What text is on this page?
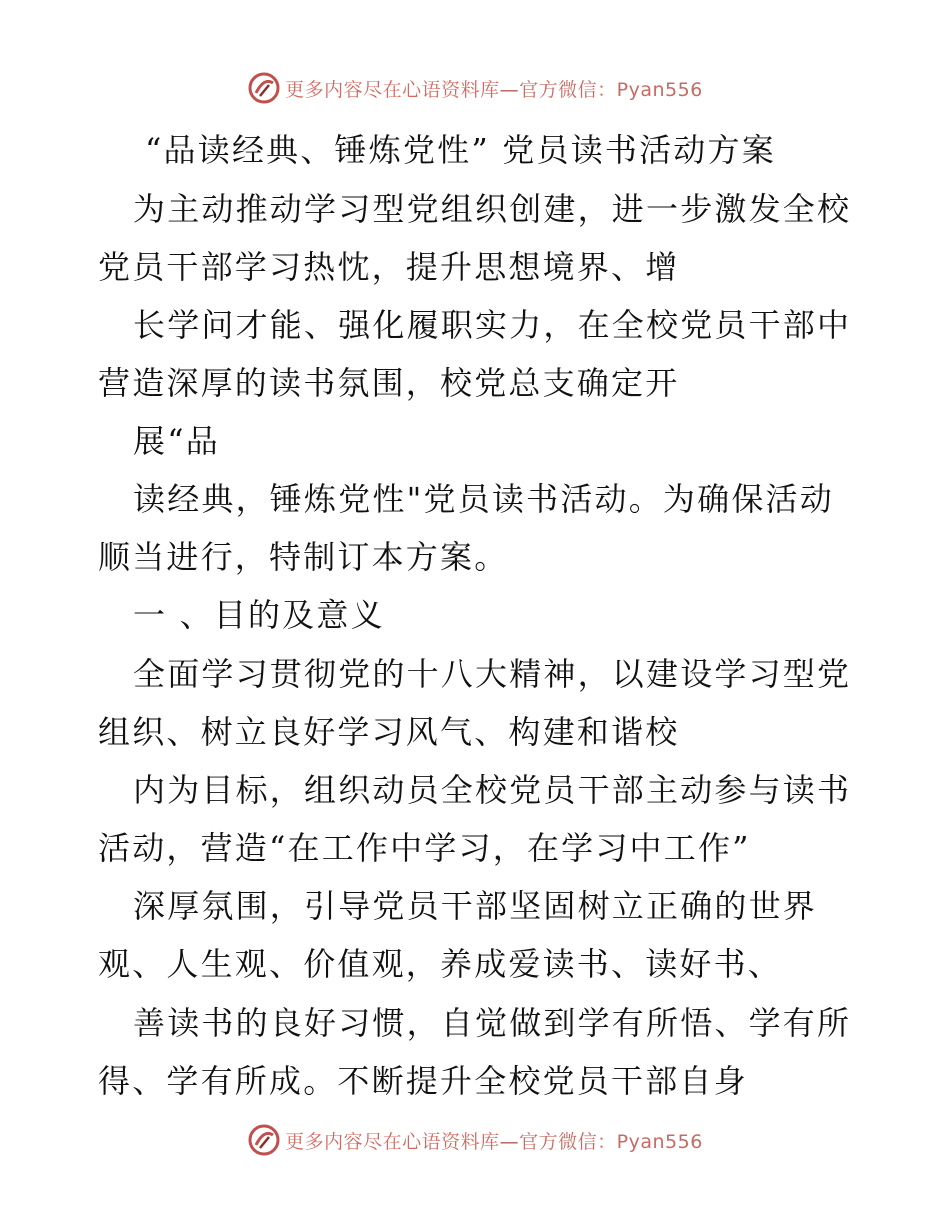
更多内容尽在心语资料库—官方微信：Pyan556
“品读经典、锤炼党性” 党员读书活动方案
为主动推动学习型党组织创建，进一步激发全校
党员干部学习热忱，提升思想境界、增
长学问才能、强化履职实力，在全校党员干部中
营造深厚的读书氛围，校党总支确定开
展“品
读经典，锤炼党性"党员读书活动。为确保活动
顺当进行，特制订本方案。
一 、目的及意义
全面学习贯彻党的十八大精神，以建设学习型党
组织、树立良好学习风气、构建和谐校
内为目标，组织动员全校党员干部主动参与读书
活动，营造“在工作中学习，在学习中工作”
深厚氛围，引导党员干部坚固树立正确的世界
观、人生观、价值观，养成爱读书、读好书、
善读书的良好习惯，自觉做到学有所悟、学有所
得、学有所成。不断提升全校党员干部自身
更多内容尽在心语资料库—官方微信：Pyan556
